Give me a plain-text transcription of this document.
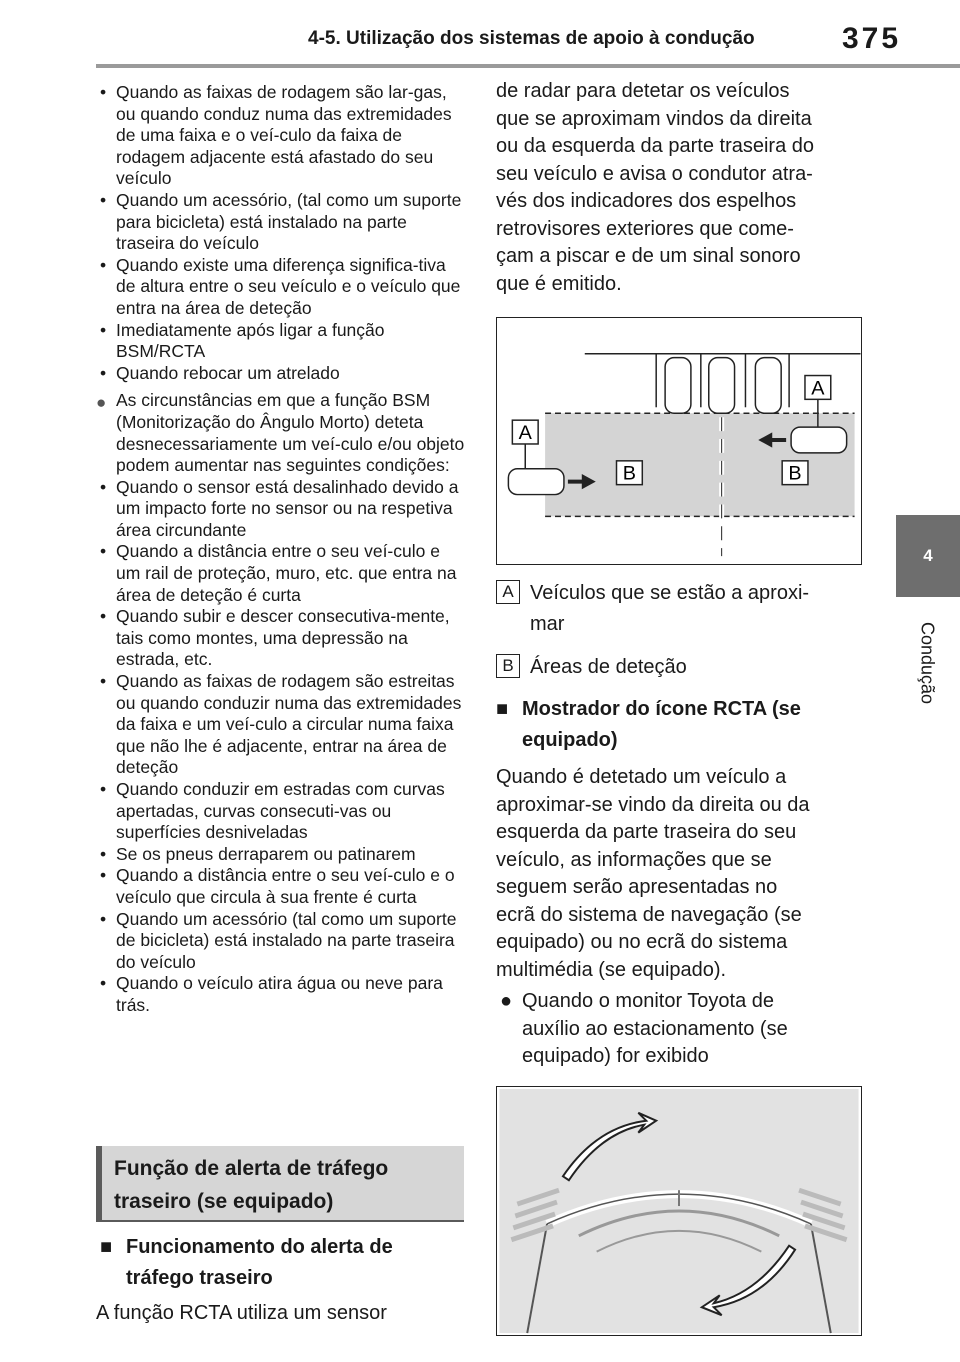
4-5. Utilização dos sistemas de apoio à condução	375
4
Condução
• Quando as faixas de rodagem são lar-gas, ou quando conduz numa das extremidades de uma faixa e o veí-culo da faixa de rodagem adjacente está afastado do seu veículo
• Quando um acessório, (tal como um suporte para bicicleta) está instalado na parte traseira do veículo
• Quando existe uma diferença significa-tiva de altura entre o seu veículo e o veículo que entra na área de deteção
• Imediatamente após ligar a função BSM/RCTA
• Quando rebocar um atrelado
● As circunstâncias em que a função BSM (Monitorização do Ângulo Morto) deteta desnecessariamente um veí-culo e/ou objeto podem aumentar nas seguintes condições:
• Quando o sensor está desalinhado devido a um impacto forte no sensor ou na respetiva área circundante
• Quando a distância entre o seu veí-culo e um rail de proteção, muro, etc. que entra na área de deteção é curta
• Quando subir e descer consecutiva-mente, tais como montes, uma depressão na estrada, etc.
• Quando as faixas de rodagem são estreitas ou quando conduzir numa das extremidades da faixa e um veí-culo a circular numa faixa que não lhe é adjacente, entrar na área de deteção
• Quando conduzir em estradas com curvas apertadas, curvas consecuti-vas ou superfícies desniveladas
• Se os pneus derraparem ou patinarem
• Quando a distância entre o seu veí-culo e o veículo que circula à sua frente é curta
• Quando um acessório (tal como um suporte de bicicleta) está instalado na parte traseira do veículo
• Quando o veículo atira água ou neve para trás.
Função de alerta de tráfego
traseiro (se equipado)
■ Funcionamento do alerta de
tráfego traseiro
A função RCTA utiliza um sensor
de radar para detetar os veículos
que se aproximam vindos da direita
ou da esquerda da parte traseira do
seu veículo e avisa o condutor atra-
vés dos indicadores dos espelhos
retrovisores exteriores que come-
çam a piscar e de um sinal sonoro
que é emitido.
A
A
B	B
A Veículos que se estão a aproxi-
mar
B Áreas de deteção
■ Mostrador do ícone RCTA (se
equipado)
Quando é detetado um veículo a
aproximar-se vindo da direita ou da
esquerda da parte traseira do seu
veículo, as informações que se
seguem serão apresentadas no
ecrã do sistema de navegação (se
equipado) ou no ecrã do sistema
multimédia (se equipado).
● Quando o monitor Toyota de
auxílio ao estacionamento (se
equipado) for exibido
